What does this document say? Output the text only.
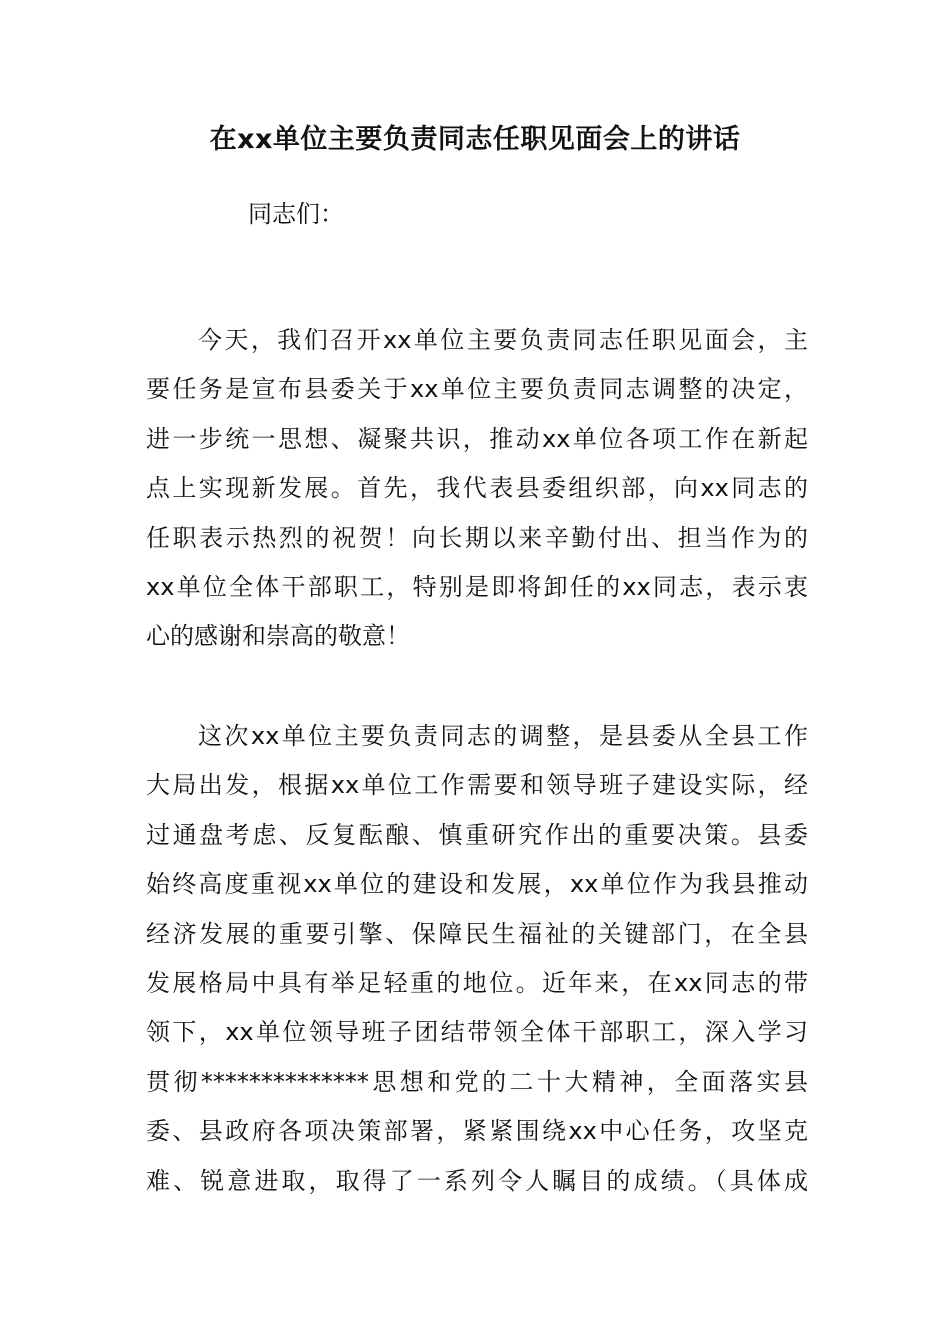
在xx单位主要负责同志任职见面会上的讲话
同志们：
今天，我们召开xx单位主要负责同志任职见面会，主
要任务是宣布县委关于xx单位主要负责同志调整的决定，
进一步统一思想、凝聚共识，推动xx单位各项工作在新起
点上实现新发展。首先，我代表县委组织部，向xx同志的
任职表示热烈的祝贺！向长期以来辛勤付出、担当作为的
xx单位全体干部职工，特别是即将卸任的xx同志，表示衷
心的感谢和崇高的敬意！
这次xx单位主要负责同志的调整，是县委从全县工作
大局出发，根据xx单位工作需要和领导班子建设实际，经
过通盘考虑、反复酝酿、慎重研究作出的重要决策。县委
始终高度重视xx单位的建设和发展，xx单位作为我县推动
经济发展的重要引擎、保障民生福祉的关键部门，在全县
发展格局中具有举足轻重的地位。近年来，在xx同志的带
领下，xx单位领导班子团结带领全体干部职工，深入学习
贯彻**************思想和党的二十大精神，全面落实县
委、县政府各项决策部署，紧紧围绕xx中心任务，攻坚克
难、锐意进取，取得了一系列令人瞩目的成绩。（具体成
